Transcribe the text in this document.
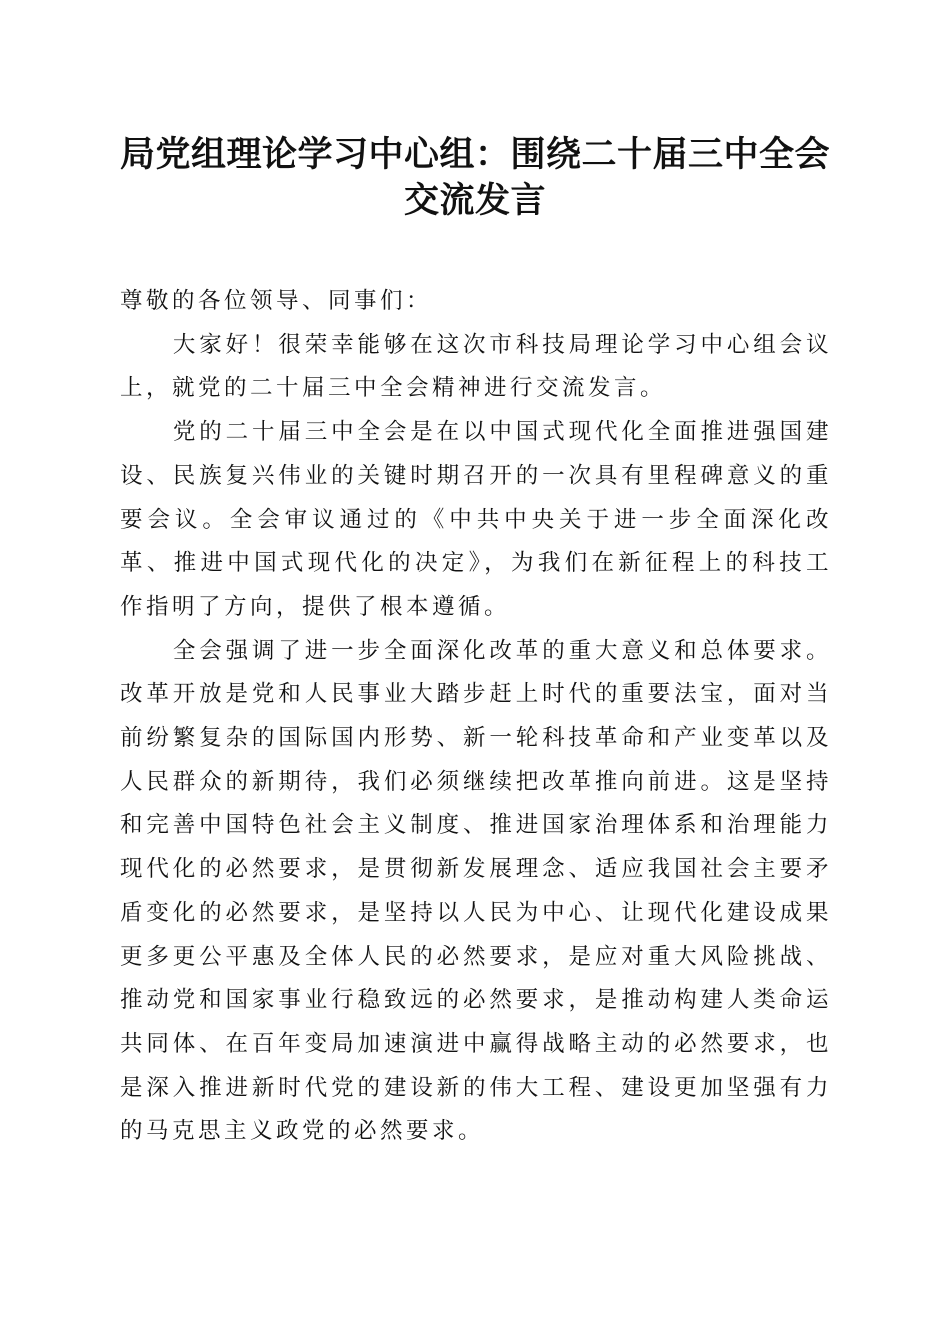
局党组理论学习中心组：围绕二十届三中全会
交流发言

尊敬的各位领导、同事们：

大家好！很荣幸能够在这次市科技局理论学习中心组会议上，就党的二十届三中全会精神进行交流发言。

党的二十届三中全会是在以中国式现代化全面推进强国建设、民族复兴伟业的关键时期召开的一次具有里程碑意义的重要会议。全会审议通过的《中共中央关于进一步全面深化改革、推进中国式现代化的决定》，为我们在新征程上的科技工作指明了方向，提供了根本遵循。

全会强调了进一步全面深化改革的重大意义和总体要求。改革开放是党和人民事业大踏步赶上时代的重要法宝，面对当前纷繁复杂的国际国内形势、新一轮科技革命和产业变革以及人民群众的新期待，我们必须继续把改革推向前进。这是坚持和完善中国特色社会主义制度、推进国家治理体系和治理能力现代化的必然要求，是贯彻新发展理念、适应我国社会主要矛盾变化的必然要求，是坚持以人民为中心、让现代化建设成果更多更公平惠及全体人民的必然要求，是应对重大风险挑战、推动党和国家事业行稳致远的必然要求，是推动构建人类命运共同体、在百年变局加速演进中赢得战略主动的必然要求，也是深入推进新时代党的建设新的伟大工程、建设更加坚强有力的马克思主义政党的必然要求。
